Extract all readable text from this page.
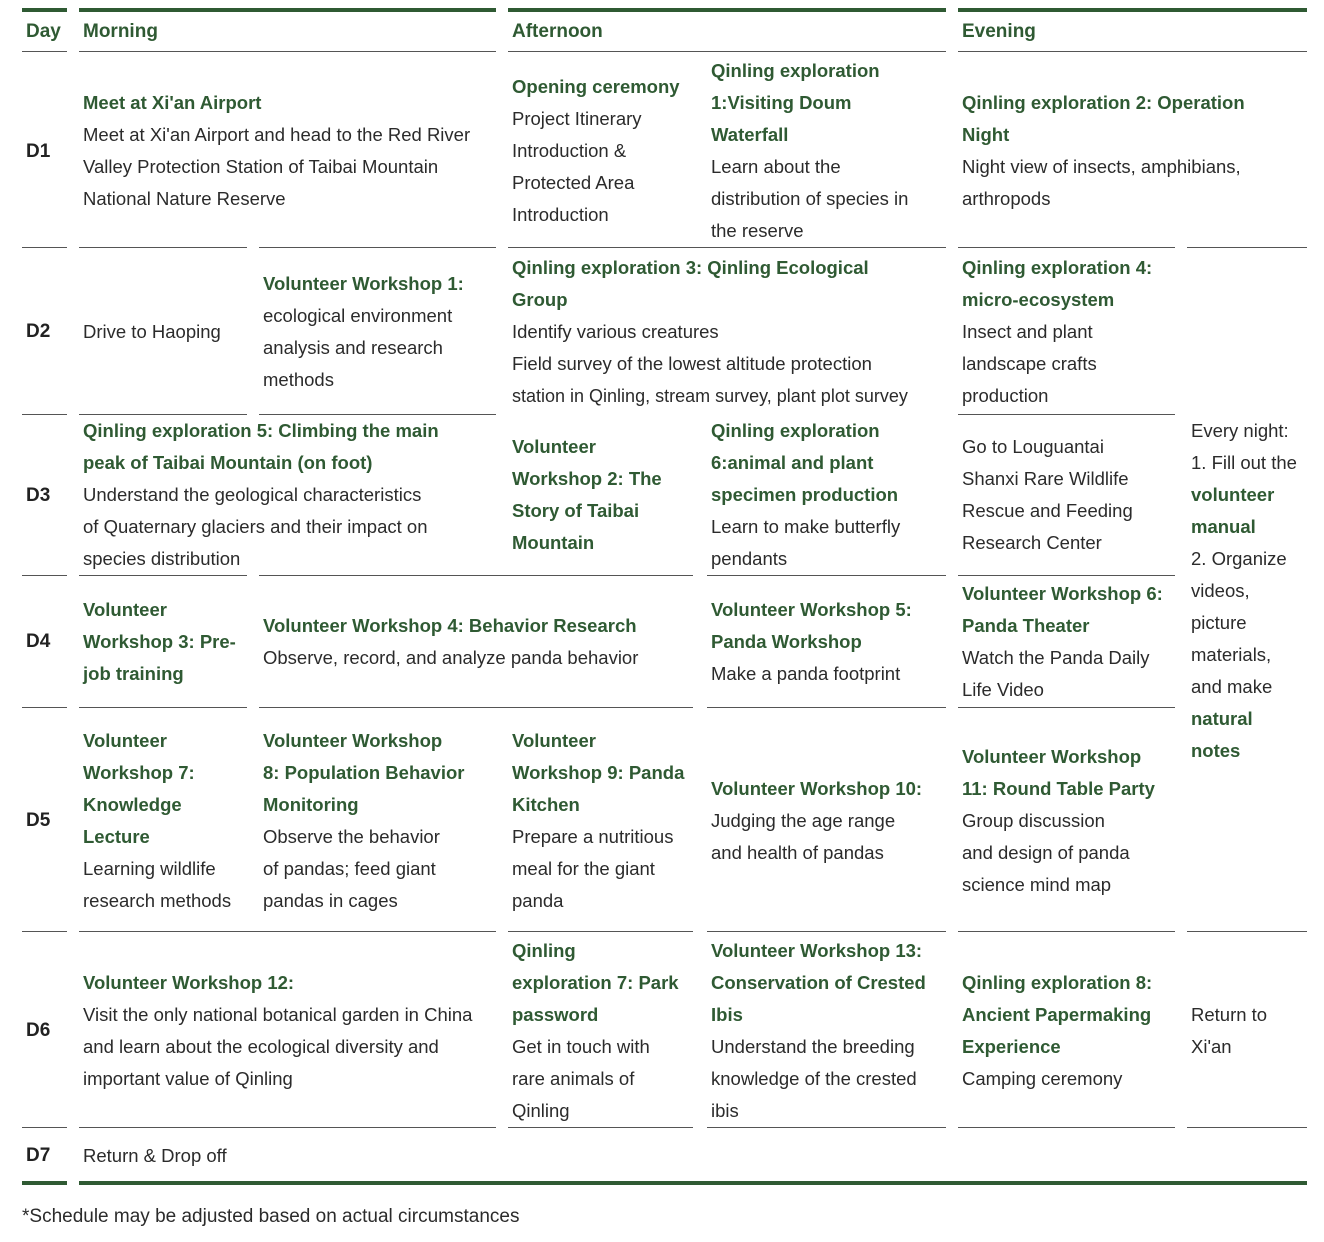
Day Morning	Afternoon	Evening
D1
D2
D3
D4
D5
D6
D7
Meet at Xi'an Airport
Meet at Xi'an Airport and head to the Red River
Valley Protection Station of Taibai Mountain
National Nature Reserve
Opening ceremony
Project Itinerary
Introduction &
Protected Area
Introduction
Qinling exploration
1:Visiting Doum
Waterfall
Learn about the
distribution of species in
the reserve
Qinling exploration 2: Operation
Night
Night view of insects, amphibians,
arthropods
Drive to Haoping
Volunteer Workshop 1:
ecological environment
analysis and research
methods
Qinling exploration 3: Qinling Ecological
Group
Identify various creatures
Field survey of the lowest altitude protection
station in Qinling, stream survey, plant plot survey
Qinling exploration 4:
micro-ecosystem
Insect and plant
landscape crafts
production
Qinling exploration 5: Climbing the main
peak of Taibai Mountain (on foot)
Understand the geological characteristics
of Quaternary glaciers and their impact on
species distribution
Volunteer
Workshop 2: The
Story of Taibai
Mountain
Qinling exploration
6:animal and plant
specimen production
Learn to make butterfly
pendants
Go to Louguantai
Shanxi Rare Wildlife
Rescue and Feeding
Research Center
Every night:
1. Fill out the
volunteer
manual
2. Organize
videos,
picture
materials,
and make
natural
notes
Volunteer
Workshop 3: Pre-
job training
Volunteer Workshop 4: Behavior Research
Observe, record, and analyze panda behavior
Volunteer Workshop 5:
Panda Workshop
Make a panda footprint
Volunteer Workshop 6:
Panda Theater
Watch the Panda Daily
Life Video
Volunteer
Workshop 7:
Knowledge
Lecture
Learning wildlife
research methods
Volunteer Workshop
8: Population Behavior
Monitoring
Observe the behavior
of pandas; feed giant
pandas in cages
Volunteer
Workshop 9: Panda
Kitchen
Prepare a nutritious
meal for the giant
panda
Volunteer Workshop 10:
Judging the age range
and health of pandas
Volunteer Workshop
11: Round Table Party
Group discussion
and design of panda
science mind map
Volunteer Workshop 12:
Visit the only national botanical garden in China
and learn about the ecological diversity and
important value of Qinling
Qinling
exploration 7: Park
password
Get in touch with
rare animals of
Qinling
Volunteer Workshop 13:
Conservation of Crested
Ibis
Understand the breeding
knowledge of the crested
ibis
Qinling exploration 8:
Ancient Papermaking
Experience
Camping ceremony
Return to
Xi'an
Return & Drop off
*Schedule may be adjusted based on actual circumstances
